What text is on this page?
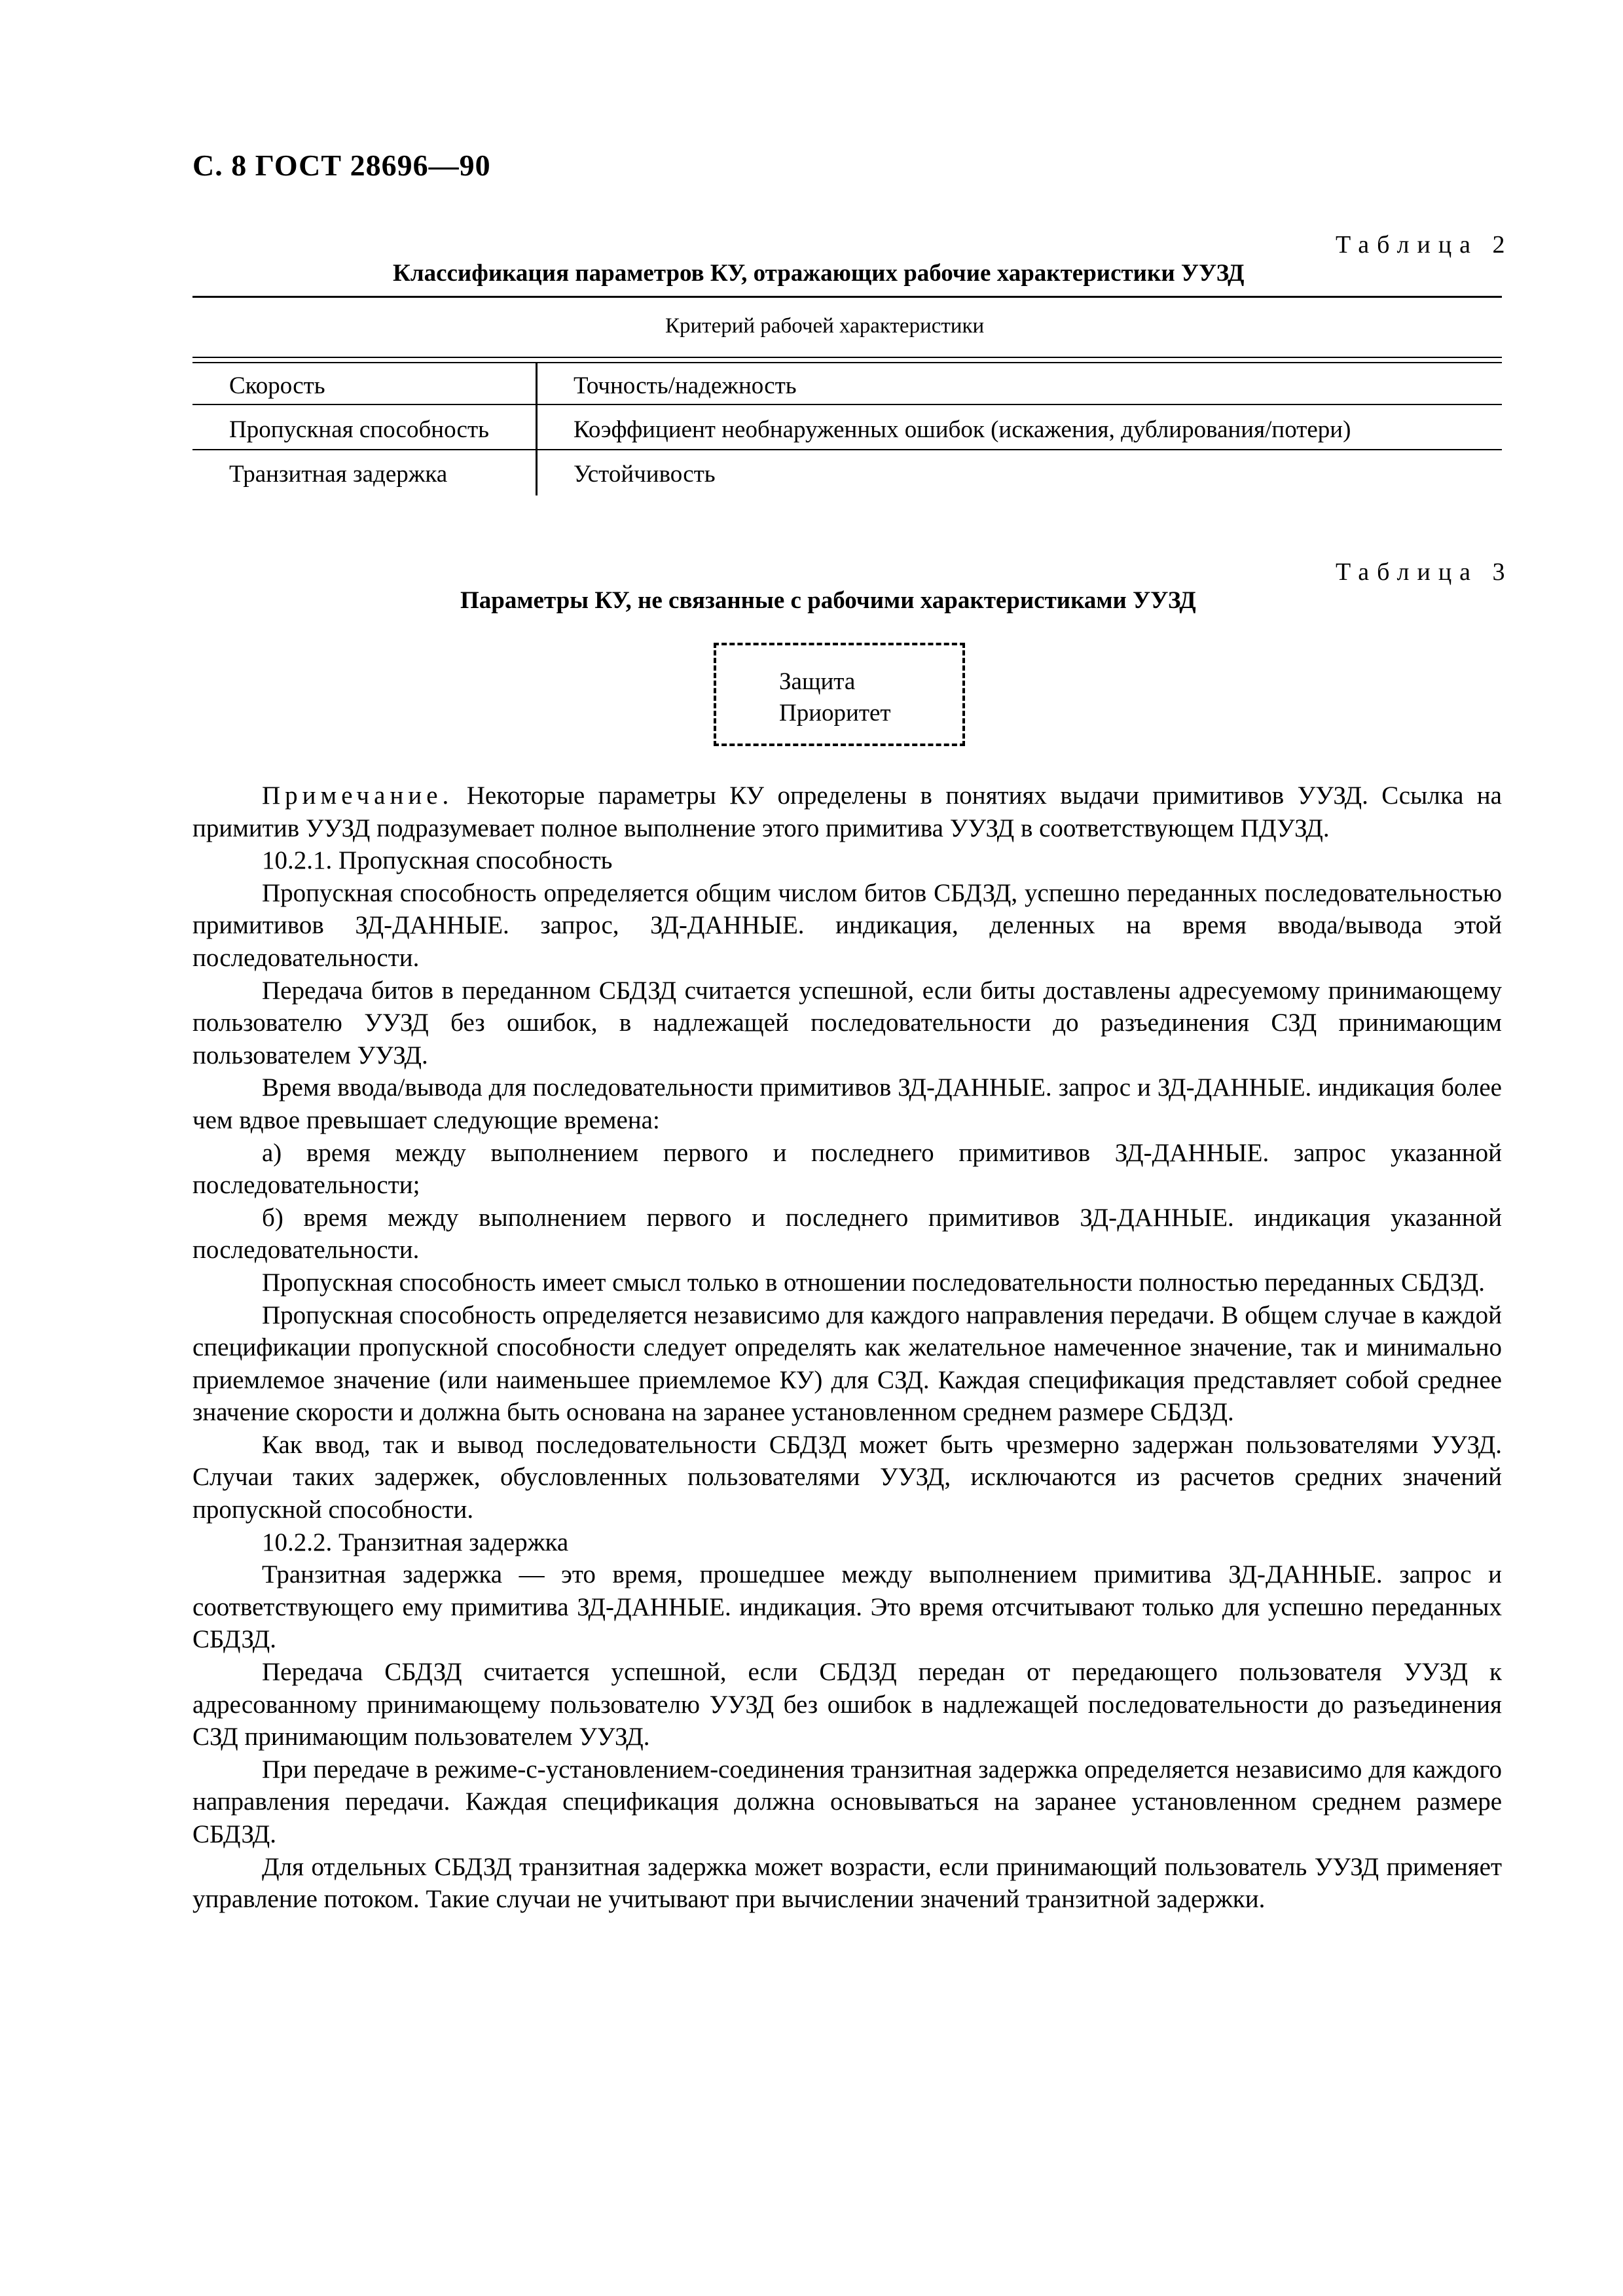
С. 8 ГОСТ 28696—90
Таблица 2
Классификация параметров КУ, отражающих рабочие характеристики УУЗД
Критерий рабочей характеристики
Скорость	Точность/надежность
Пропускная способность	Коэффициент необнаруженных ошибок (искажения, дублирования/потери)
Транзитная задержка	Устойчивость
Таблица 3
Параметры КУ, не связанные с рабочими характеристиками УУЗД
Защита
Приоритет

Примечание. Некоторые параметры КУ определены в понятиях выдачи примитивов УУЗД. Ссылка на примитив УУЗД подразумевает полное выполнение этого примитива УУЗД в соответствующем ПДУЗД.

10.2.1. Пропускная способность

Пропускная способность определяется общим числом битов СБДЗД, успешно переданных последовательностью примитивов ЗД-ДАННЫЕ. запрос, ЗД-ДАННЫЕ. индикация, деленных на время ввода/вывода этой последовательности.

Передача битов в переданном СБДЗД считается успешной, если биты доставлены адресуемому принимающему пользователю УУЗД без ошибок, в надлежащей последовательности до разъединения СЗД принимающим пользователем УУЗД.

Время ввода/вывода для последовательности примитивов ЗД-ДАННЫЕ. запрос и ЗД-ДАННЫЕ. индикация более чем вдвое превышает следующие времена:

а) время между выполнением первого и последнего примитивов ЗД-ДАННЫЕ. запрос указанной последовательности;

б) время между выполнением первого и последнего примитивов ЗД-ДАННЫЕ. индикация указанной последовательности.

Пропускная способность имеет смысл только в отношении последовательности полностью переданных СБДЗД.

Пропускная способность определяется независимо для каждого направления передачи. В общем случае в каждой спецификации пропускной способности следует определять как желательное намеченное значение, так и минимально приемлемое значение (или наименьшее приемлемое КУ) для СЗД. Каждая спецификация представляет собой среднее значение скорости и должна быть основана на заранее установленном среднем размере СБДЗД.

Как ввод, так и вывод последовательности СБДЗД может быть чрезмерно задержан пользователями УУЗД. Случаи таких задержек, обусловленных пользователями УУЗД, исключаются из расчетов средних значений пропускной способности.

10.2.2. Транзитная задержка

Транзитная задержка — это время, прошедшее между выполнением примитива ЗД-ДАННЫЕ. запрос и соответствующего ему примитива ЗД-ДАННЫЕ. индикация. Это время отсчитывают только для успешно переданных СБДЗД.

Передача СБДЗД считается успешной, если СБДЗД передан от передающего пользователя УУЗД к адресованному принимающему пользователю УУЗД без ошибок в надлежащей последовательности до разъединения СЗД принимающим пользователем УУЗД.

При передаче в режиме-с-установлением-соединения транзитная задержка определяется независимо для каждого направления передачи. Каждая спецификация должна основываться на заранее установленном среднем размере СБДЗД.

Для отдельных СБДЗД транзитная задержка может возрасти, если принимающий пользователь УУЗД применяет управление потоком. Такие случаи не учитывают при вычислении значений транзитной задержки.
